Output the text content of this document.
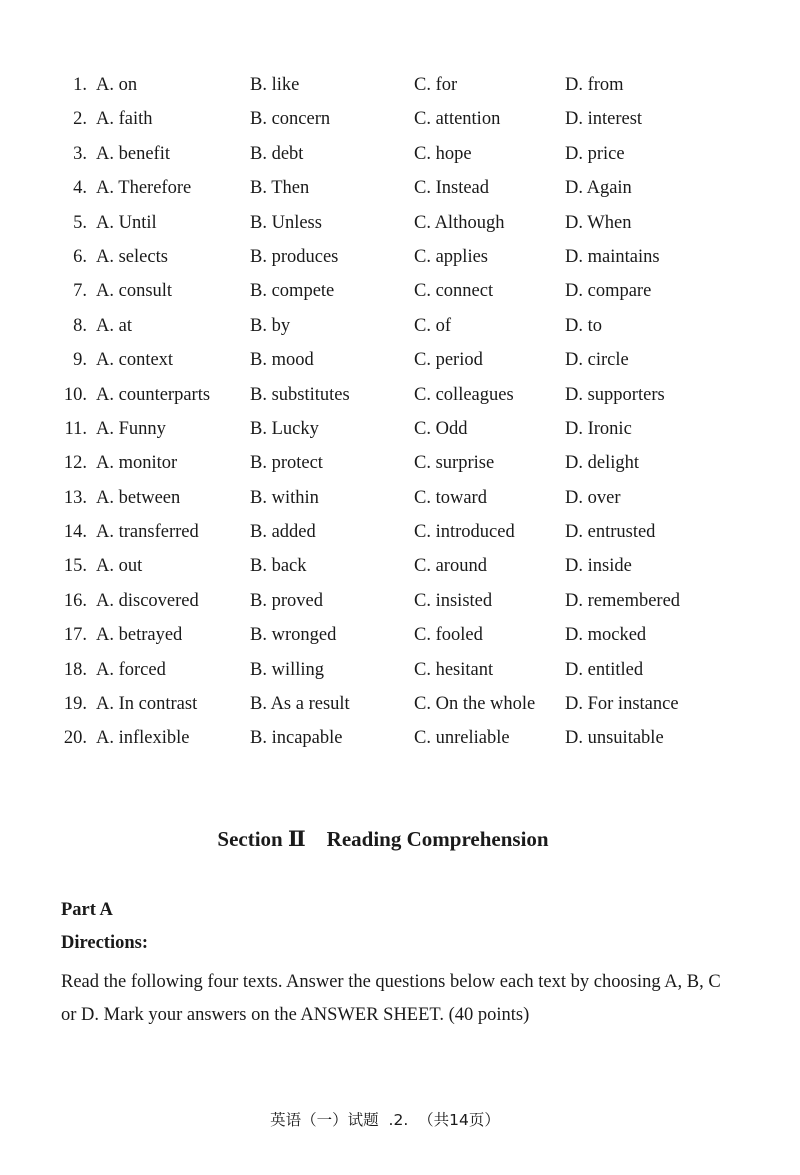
1. A. on	B. like	C. for	D. from
2. A. faith	B. concern	C. attention	D. interest
3. A. benefit	B. debt	C. hope	D. price
4. A. Therefore	B. Then	C. Instead	D. Again
5. A. Until	B. Unless	C. Although	D. When
6. A. selects	B. produces	C. applies	D. maintains
7. A. consult	B. compete	C. connect	D. compare
8. A. at	B. by	C. of	D. to
9. A. context	B. mood	C. period	D. circle
10. A. counterparts B. substitutes	C. colleagues	D. supporters
11. A. Funny	B. Lucky	C. Odd	D. Ironic
12. A. monitor	B. protect	C. surprise	D. delight
13. A. between	B. within	C. toward	D. over
14. A. transferred	B. added	C. introduced	D. entrusted
15. A. out	B. back	C. around	D. inside
16. A. discovered	B. proved	C. insisted	D. remembered
17. A. betrayed	B. wronged	C. fooled	D. mocked
18. A. forced	B. willing	C. hesitant	D. entitled
19. A. In contrast	B. As a result	C. On the whole D. For instance
20. A. inflexible	B. incapable	C. unreliable	D. unsuitable
Section Ⅱ    Reading Comprehension
Part A
Directions:
Read the following four texts. Answer the questions below each text by choosing A, B, C or D. Mark your answers on the ANSWER SHEET. (40 points)
英语（一）试题  .2.  （共14页）
